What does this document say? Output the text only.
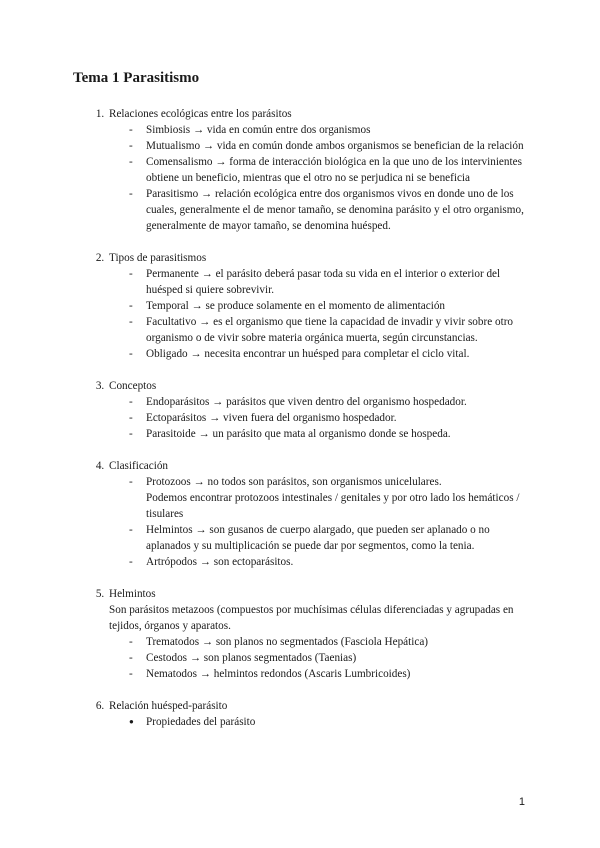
Tema 1 Parasitismo
1. Relaciones ecológicas entre los parásitos
- Simbiosis → vida en común entre dos organismos
- Mutualismo → vida en común donde ambos organismos se benefician de la relación
- Comensalismo → forma de interacción biológica en la que uno de los intervinientes obtiene un beneficio, mientras que el otro no se perjudica ni se beneficia
- Parasitismo → relación ecológica entre dos organismos vivos en donde uno de los cuales, generalmente el de menor tamaño, se denomina parásito y el otro organismo, generalmente de mayor tamaño, se denomina huésped.
2. Tipos de parasitismos
- Permanente → el parásito deberá pasar toda su vida en el interior o exterior del huésped si quiere sobrevivir.
- Temporal → se produce solamente en el momento de alimentación
- Facultativo → es el organismo que tiene la capacidad de invadir y vivir sobre otro organismo o de vivir sobre materia orgánica muerta, según circunstancias.
- Obligado → necesita encontrar un huésped para completar el ciclo vital.
3. Conceptos
- Endoparásitos → parásitos que viven dentro del organismo hospedador.
- Ectoparásitos → viven fuera del organismo hospedador.
- Parasitoide → un parásito que mata al organismo donde se hospeda.
4. Clasificación
- Protozoos → no todos son parásitos, son organismos unicelulares.
Podemos encontrar protozoos intestinales / genitales y por otro lado los hemáticos / tisulares
- Helmintos → son gusanos de cuerpo alargado, que pueden ser aplanado o no aplanados y su multiplicación se puede dar por segmentos, como la tenia.
- Artrópodos → son ectoparásitos.
5. Helmintos
Son parásitos metazoos (compuestos por muchísimas células diferenciadas y agrupadas en tejidos, órganos y aparatos.
- Trematodos → son planos no segmentados (Fasciola Hepática)
- Cestodos → son planos segmentados (Taenias)
- Nematodos → helmintos redondos (Ascaris Lumbricoides)
6. Relación huésped-parásito
● Propiedades del parásito
1
